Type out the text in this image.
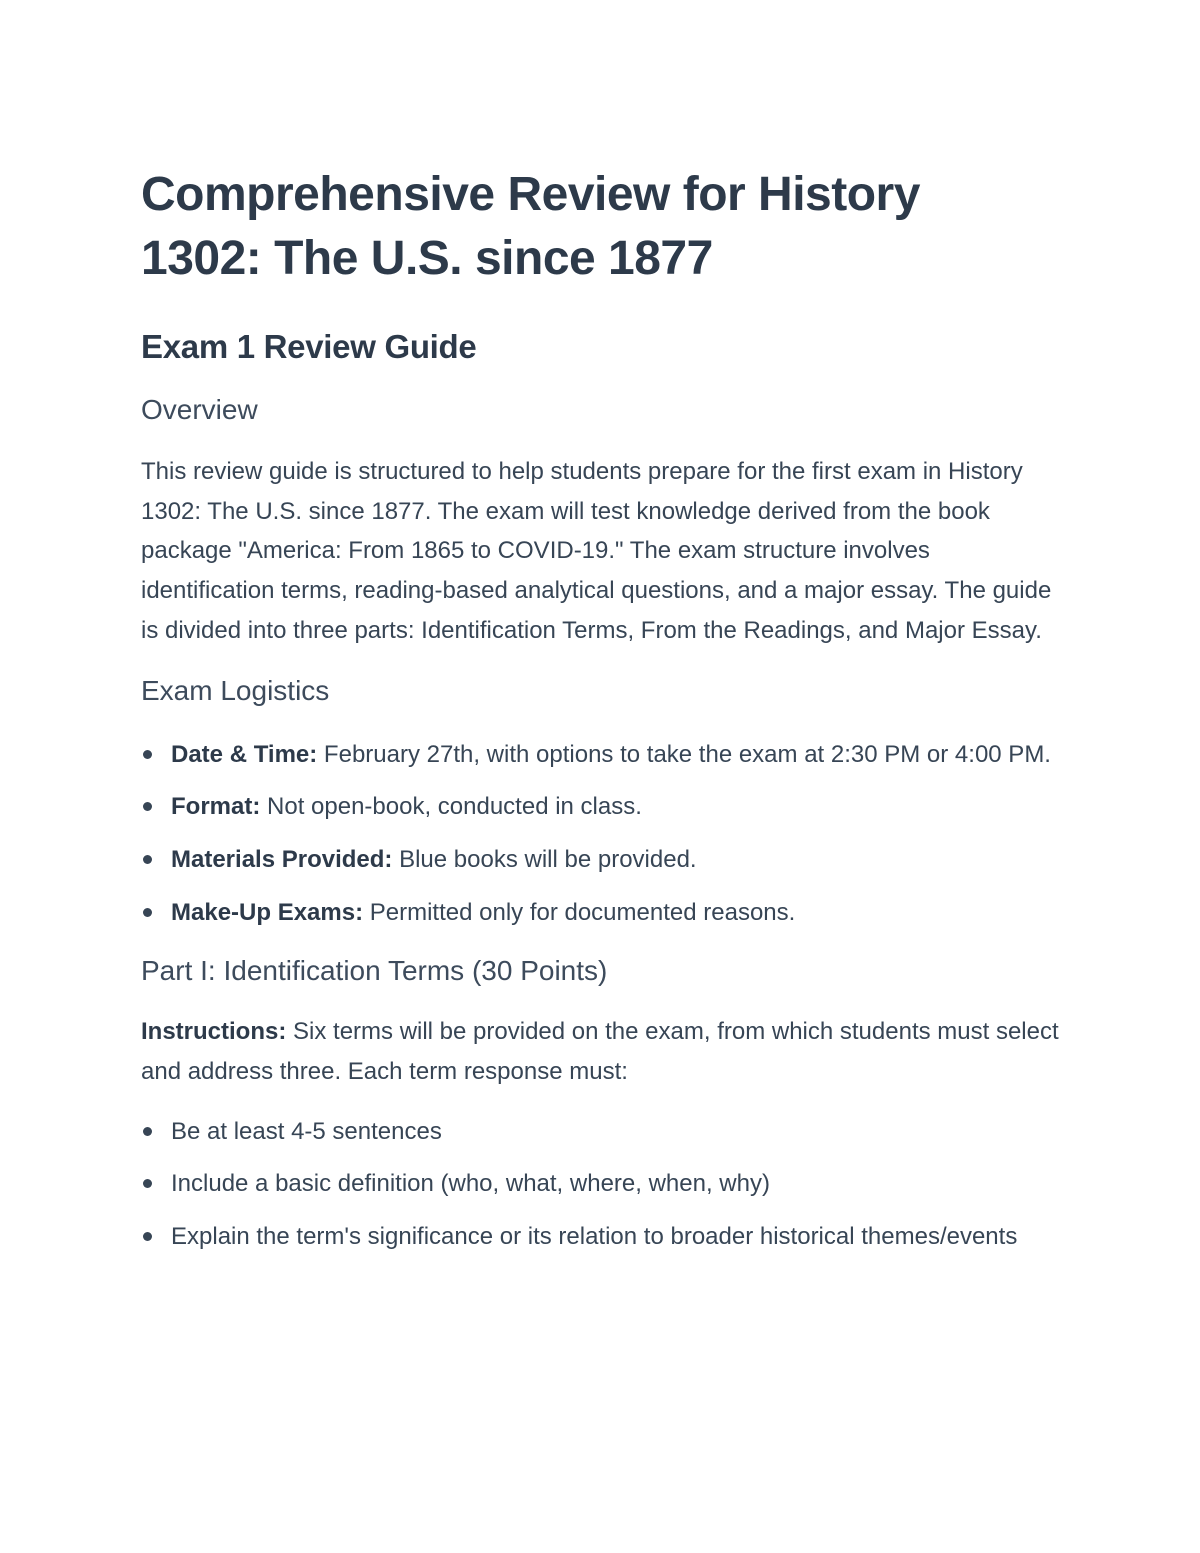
Comprehensive Review for History 1302: The U.S. since 1877
Exam 1 Review Guide
Overview

This review guide is structured to help students prepare for the first exam in History 1302: The U.S. since 1877. The exam will test knowledge derived from the book package "America: From 1865 to COVID-19." The exam structure involves identification terms, reading-based analytical questions, and a major essay. The guide is divided into three parts: Identification Terms, From the Readings, and Major Essay.

Exam Logistics
Date & Time: February 27th, with options to take the exam at 2:30 PM or 4:00 PM.
Format: Not open-book, conducted in class.
Materials Provided: Blue books will be provided.
Make-Up Exams: Permitted only for documented reasons.
Part I: Identification Terms (30 Points)

Instructions: Six terms will be provided on the exam, from which students must select and address three. Each term response must:

Be at least 4-5 sentences
Include a basic definition (who, what, where, when, why)
Explain the term's significance or its relation to broader historical themes/events
